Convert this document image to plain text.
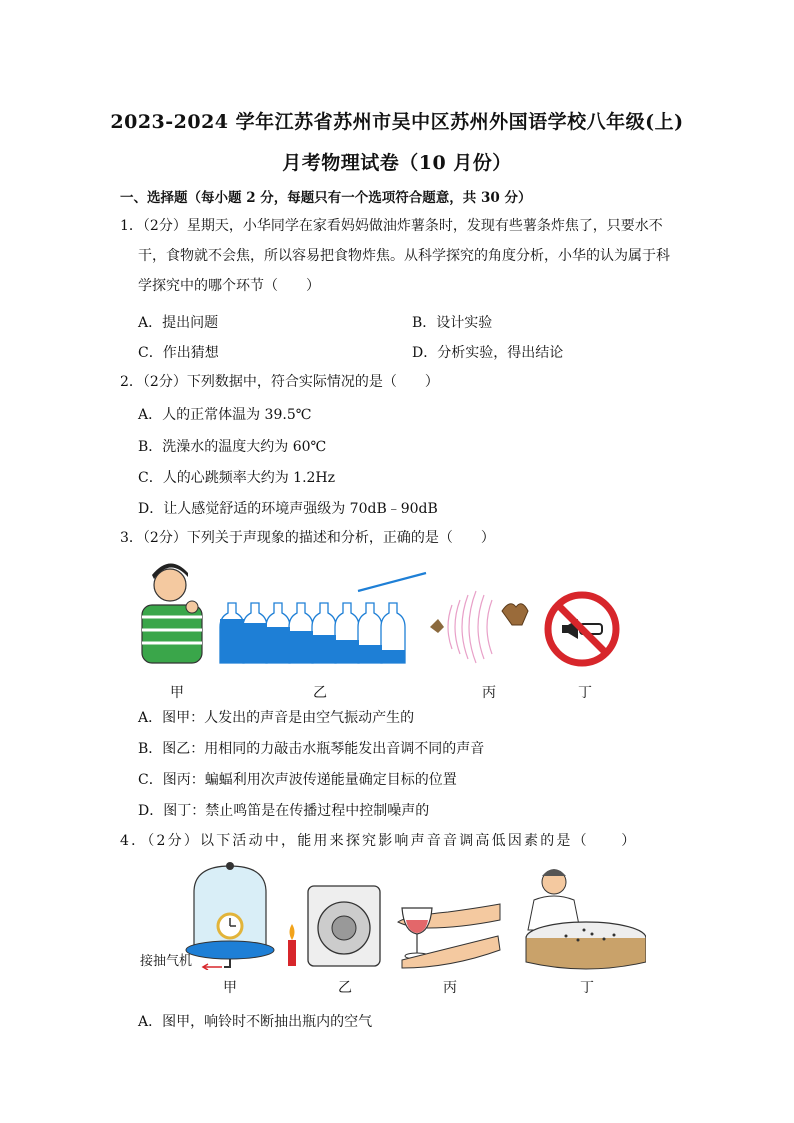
2023-2024 学年江苏省苏州市吴中区苏州外国语学校八年级(上)
月考物理试卷（10 月份）
一、选择题（每小题 2 分，每题只有一个选项符合题意，共 30 分）
1．（2分）星期天，小华同学在家看妈妈做油炸薯条时，发现有些薯条炸焦了，只要水不
干，食物就不会焦，所以容易把食物炸焦。从科学探究的角度分析，小华的认为属于科
学探究中的哪个环节（　　）
A．提出问题	B．设计实验
C．作出猜想	D．分析实验，得出结论
2．（2分）下列数据中，符合实际情况的是（　　）
A．人的正常体温为 39.5℃
B．洗澡水的温度大约为 60℃
C．人的心跳频率大约为 1.2Hz
D．让人感觉舒适的环境声强级为 70dB﹣90dB
3．（2分）下列关于声现象的描述和分析，正确的是（　　）
甲	乙	丙	丁
A．图甲：人发出的声音是由空气振动产生的
B．图乙：用相同的力敲击水瓶琴能发出音调不同的声音
C．图丙：蝙蝠利用次声波传递能量确定目标的位置
D．图丁：禁止鸣笛是在传播过程中控制噪声的
4．（2分）以下活动中，能用来探究影响声音音调高低因素的是（　　）
接抽气机
甲	乙	丙	丁
A．图甲，响铃时不断抽出瓶内的空气
